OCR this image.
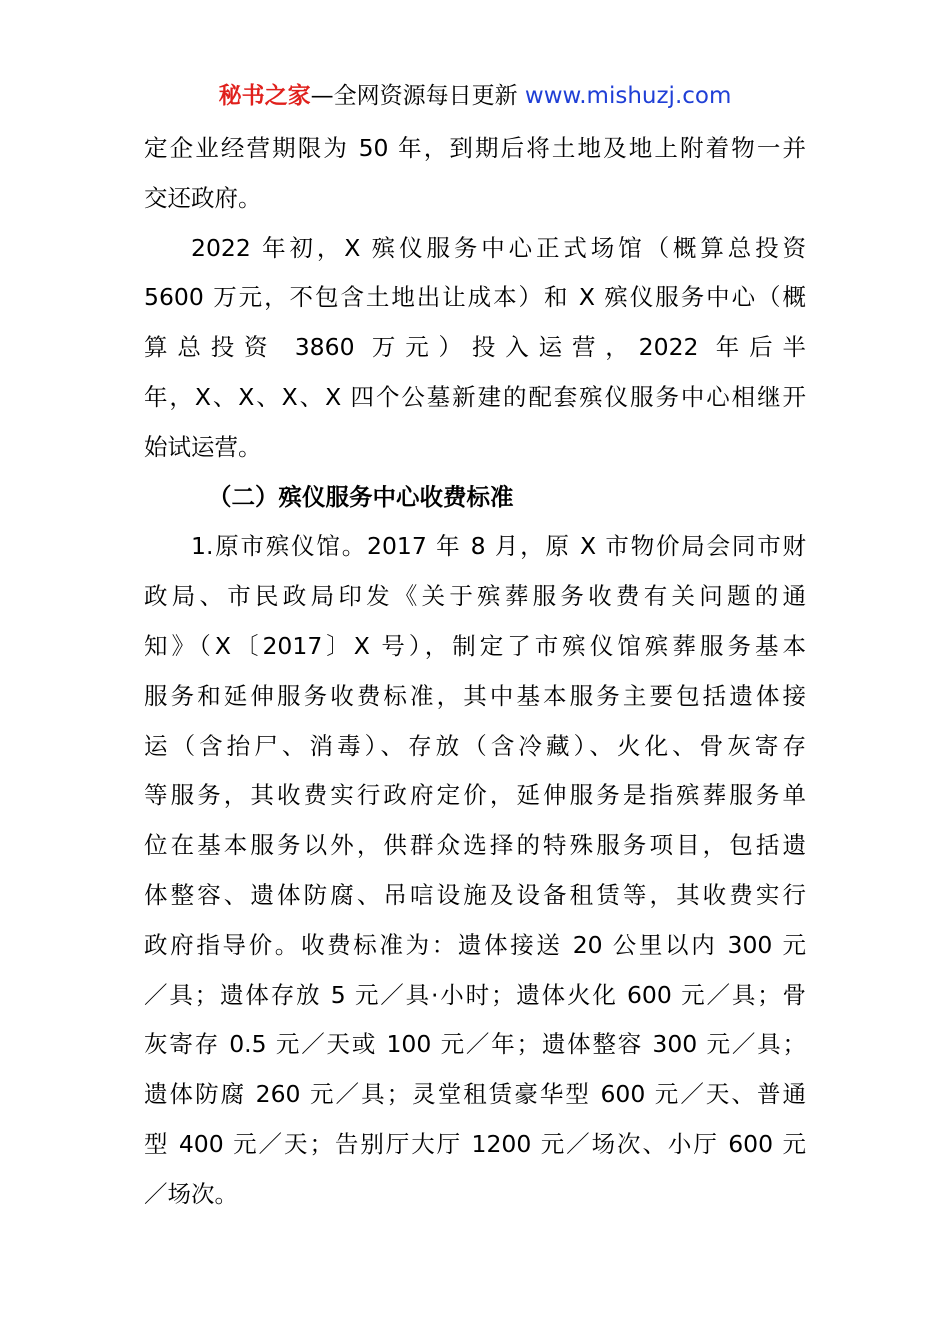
秘书之家—全网资源每日更新 www.mishuzj.com
定企业经营期限为 50 年，到期后将土地及地上附着物一并
交还政府。
2022 年初，X 殡仪服务中心正式场馆（概算总投资
5600 万元，不包含土地出让成本）和 X 殡仪服务中心（概
算总投资 3860 万元）投入运营，2022 年后半
年，X、X、X、X 四个公墓新建的配套殡仪服务中心相继开
始试运营。
（二）殡仪服务中心收费标准
1.原市殡仪馆。2017 年 8 月，原 X 市物价局会同市财
政局、市民政局印发《关于殡葬服务收费有关问题的通
知》（X〔2017〕X 号），制定了市殡仪馆殡葬服务基本
服务和延伸服务收费标准，其中基本服务主要包括遗体接
运（含抬尸、消毒）、存放（含冷藏）、火化、骨灰寄存
等服务，其收费实行政府定价，延伸服务是指殡葬服务单
位在基本服务以外，供群众选择的特殊服务项目，包括遗
体整容、遗体防腐、吊唁设施及设备租赁等，其收费实行
政府指导价。收费标准为：遗体接送 20 公里以内 300 元
／具；遗体存放 5 元／具·小时；遗体火化 600 元／具；骨
灰寄存 0.5 元／天或 100 元／年；遗体整容 300 元／具；
遗体防腐 260 元／具；灵堂租赁豪华型 600 元／天、普通
型 400 元／天；告别厅大厅 1200 元／场次、小厅 600 元
／场次。
